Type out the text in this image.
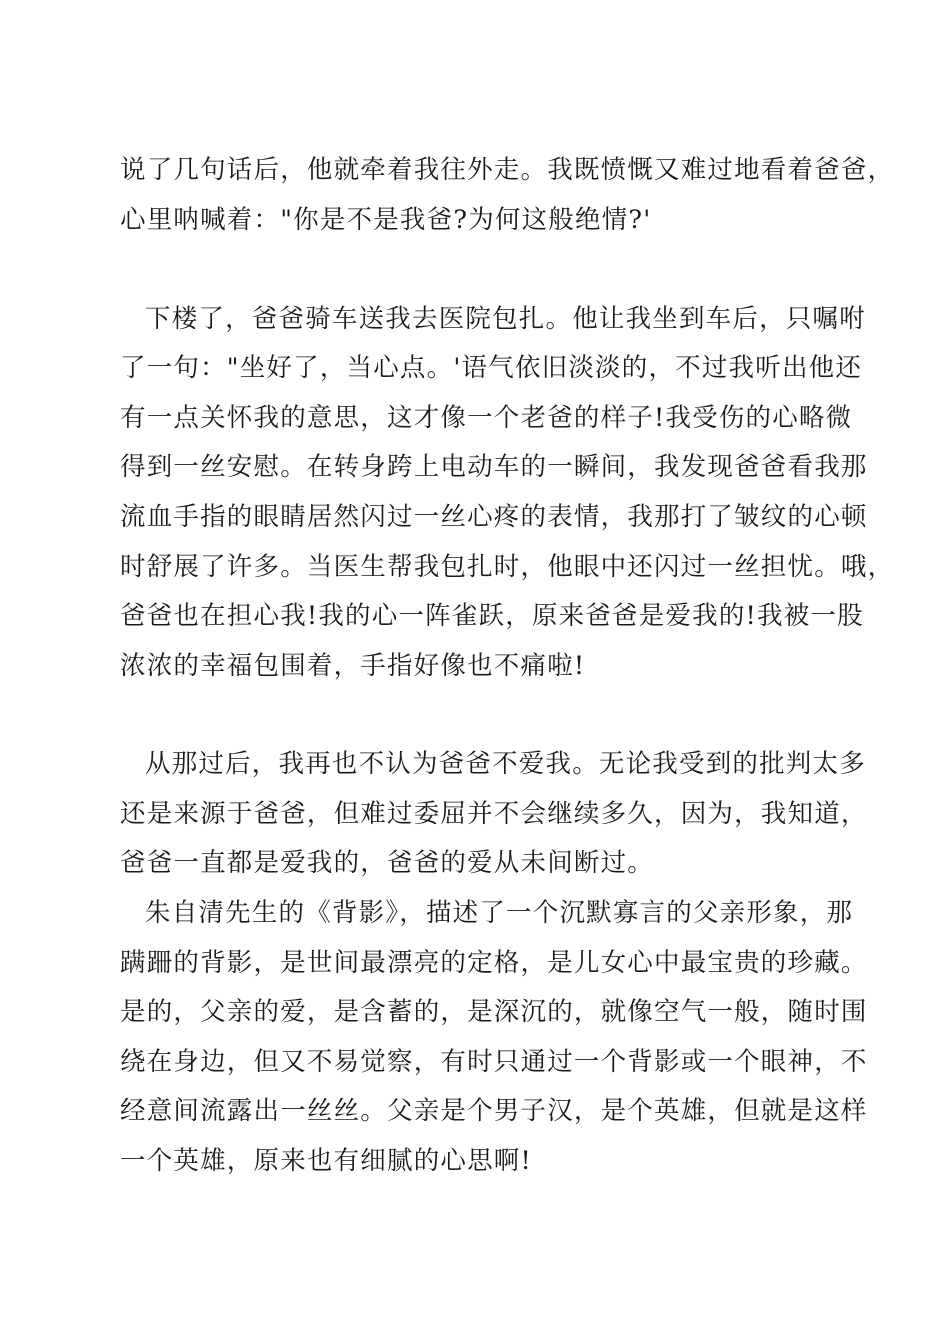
说了几句话后，他就牵着我往外走。我既愤慨又难过地看着爸爸，
心里呐喊着："你是不是我爸?为何这般绝情?'
下楼了，爸爸骑车送我去医院包扎。他让我坐到车后，只嘱咐
了一句："坐好了，当心点。'语气依旧淡淡的，不过我听出他还
有一点关怀我的意思，这才像一个老爸的样子!我受伤的心略微
得到一丝安慰。在转身跨上电动车的一瞬间，我发现爸爸看我那
流血手指的眼睛居然闪过一丝心疼的表情，我那打了皱纹的心顿
时舒展了许多。当医生帮我包扎时，他眼中还闪过一丝担忧。哦，
爸爸也在担心我!我的心一阵雀跃，原来爸爸是爱我的!我被一股
浓浓的幸福包围着，手指好像也不痛啦!
从那过后，我再也不认为爸爸不爱我。无论我受到的批判太多
还是来源于爸爸，但难过委屈并不会继续多久，因为，我知道，
爸爸一直都是爱我的，爸爸的爱从未间断过。
朱自清先生的《背影》，描述了一个沉默寡言的父亲形象，那
蹒跚的背影，是世间最漂亮的定格，是儿女心中最宝贵的珍藏。
是的，父亲的爱，是含蓄的，是深沉的，就像空气一般，随时围
绕在身边，但又不易觉察，有时只通过一个背影或一个眼神，不
经意间流露出一丝丝。父亲是个男子汉，是个英雄，但就是这样
一个英雄，原来也有细腻的心思啊!
